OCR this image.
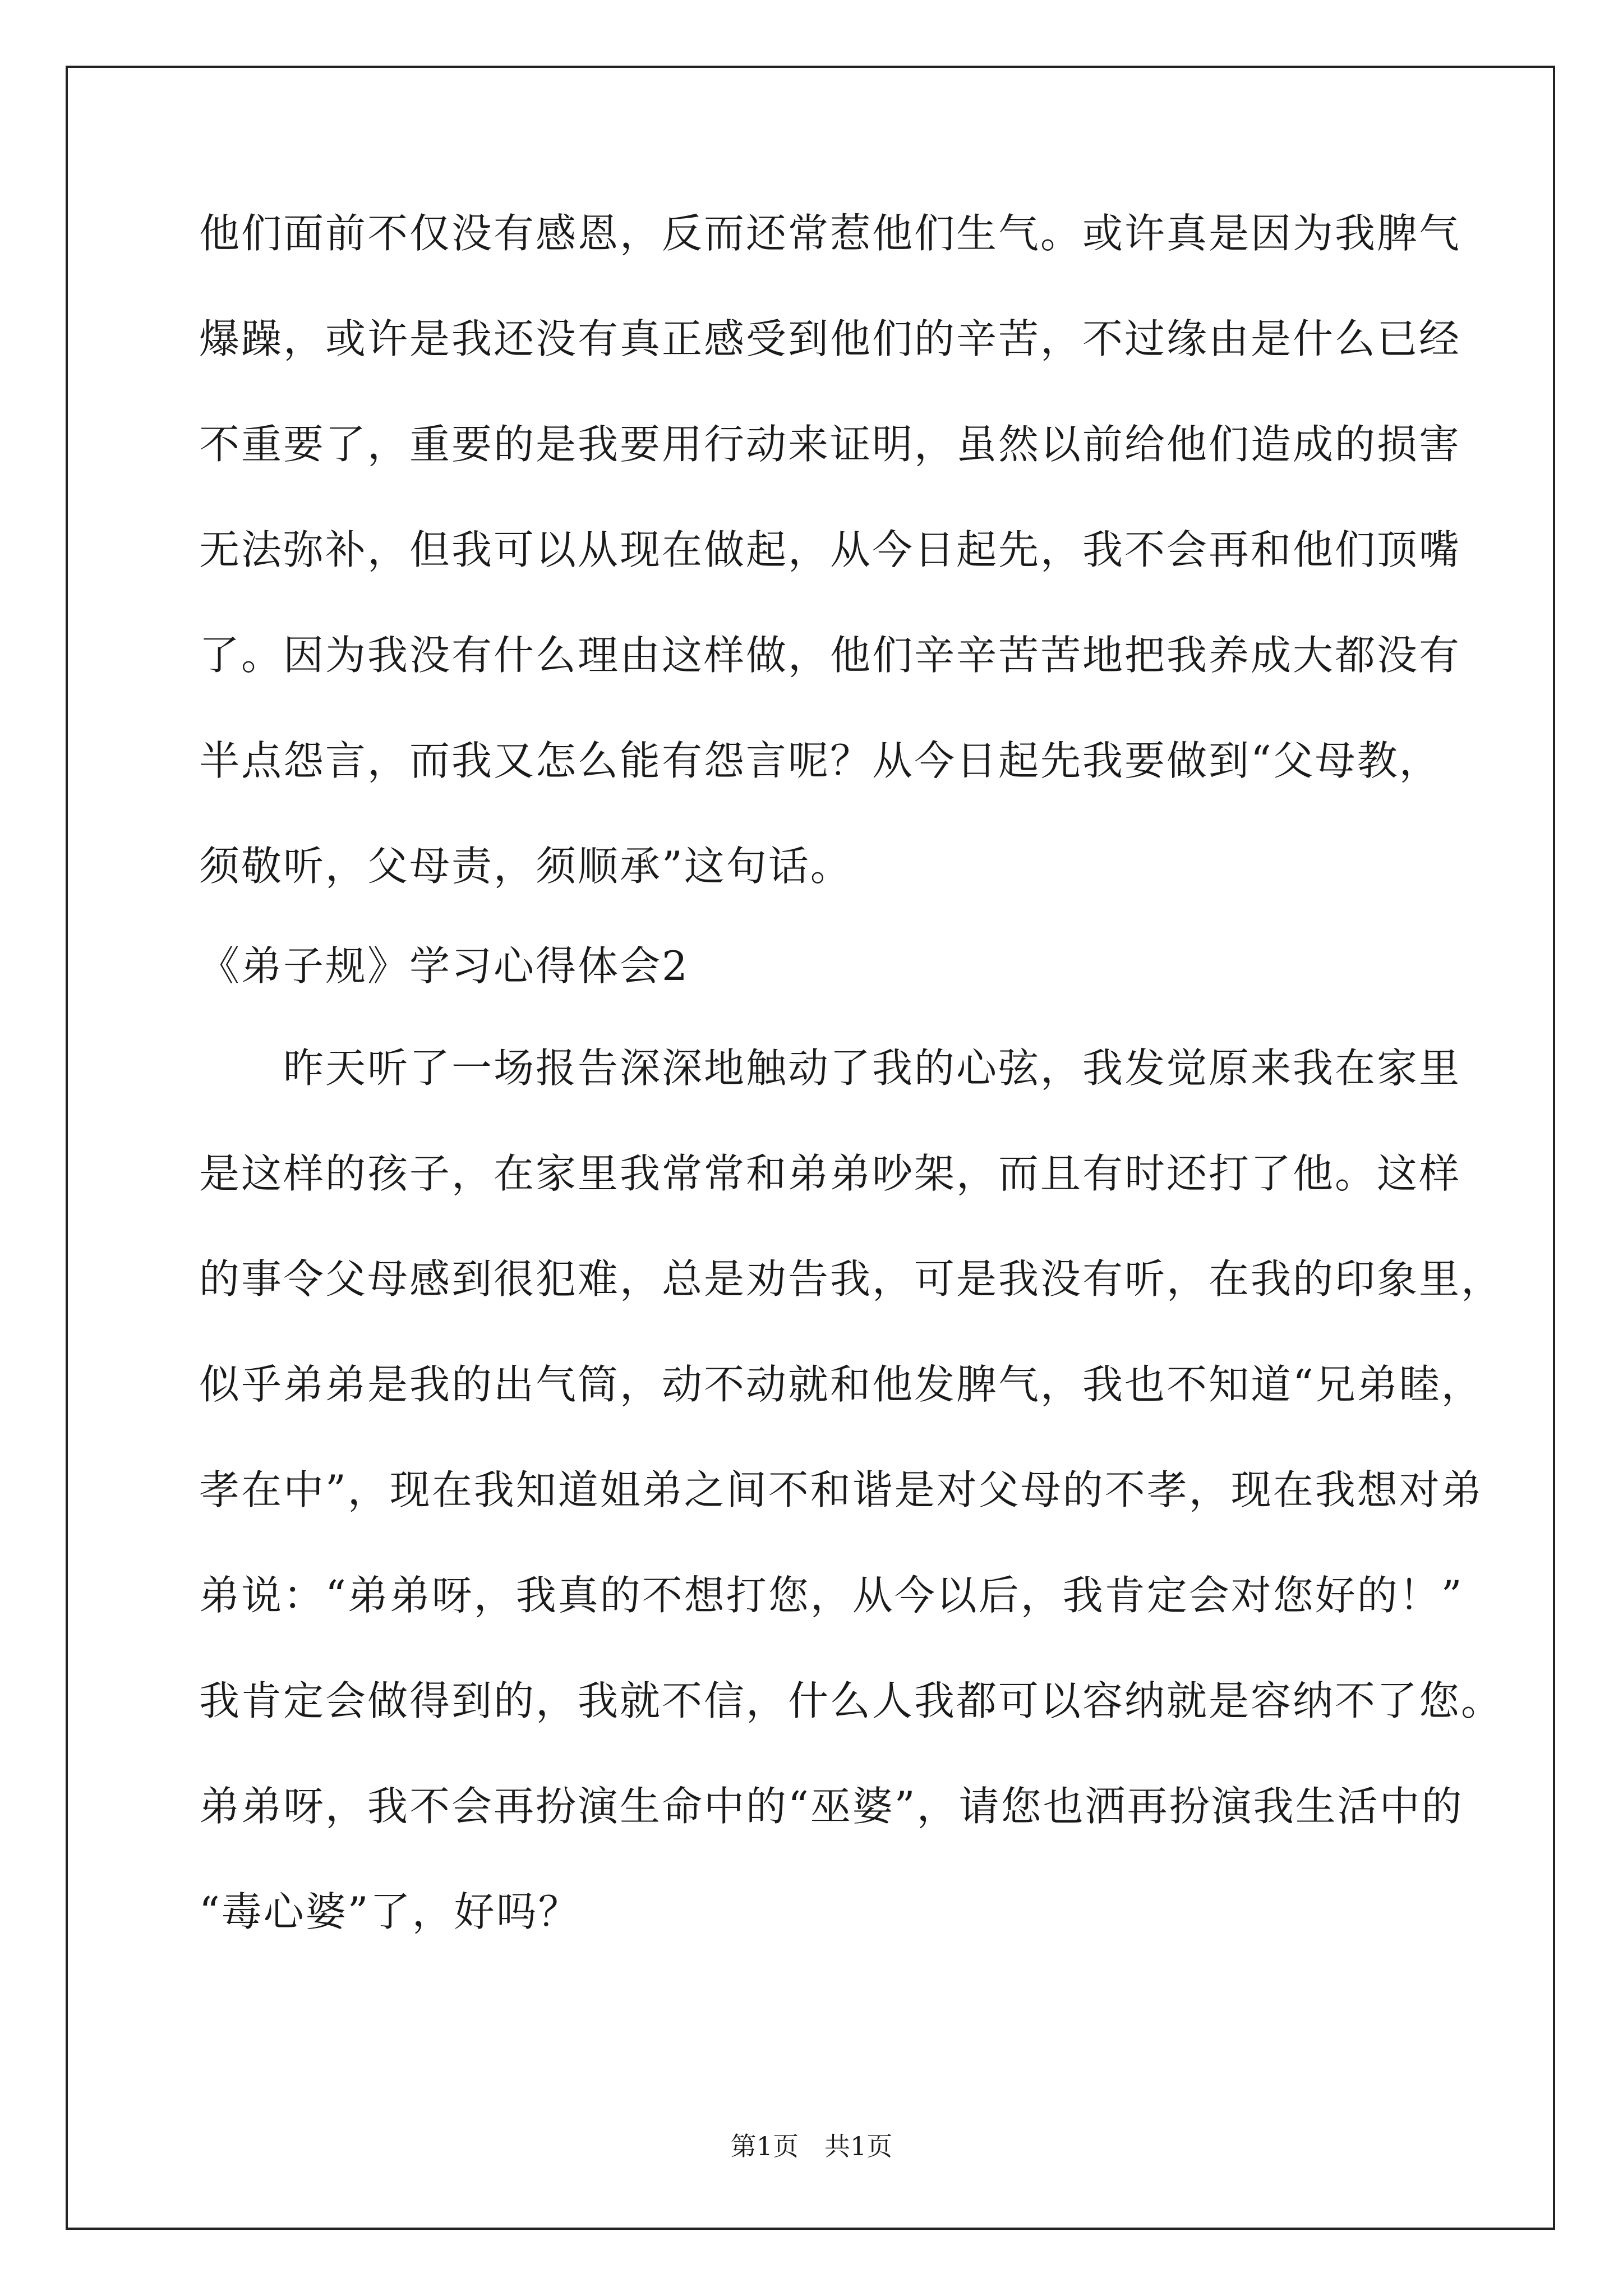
他们面前不仅没有感恩，反而还常惹他们生气。或许真是因为我脾气
爆躁，或许是我还没有真正感受到他们的辛苦，不过缘由是什么已经
不重要了，重要的是我要用行动来证明，虽然以前给他们造成的损害
无法弥补，但我可以从现在做起，从今日起先，我不会再和他们顶嘴
了。因为我没有什么理由这样做，他们辛辛苦苦地把我养成大都没有
半点怨言，而我又怎么能有怨言呢？从今日起先我要做到“父母教，
须敬听，父母责，须顺承”这句话。
《弟子规》学习心得体会2
　　昨天听了一场报告深深地触动了我的心弦，我发觉原来我在家里
是这样的孩子，在家里我常常和弟弟吵架，而且有时还打了他。这样
的事令父母感到很犯难，总是劝告我，可是我没有听，在我的印象里，
似乎弟弟是我的出气筒，动不动就和他发脾气，我也不知道“兄弟睦，
孝在中”，现在我知道姐弟之间不和谐是对父母的不孝，现在我想对弟
弟说：“弟弟呀，我真的不想打您，从今以后，我肯定会对您好的！”
我肯定会做得到的，我就不信，什么人我都可以容纳就是容纳不了您。
弟弟呀，我不会再扮演生命中的“巫婆”，请您也洒再扮演我生活中的
“毒心婆”了，好吗？
第1页　共1页
